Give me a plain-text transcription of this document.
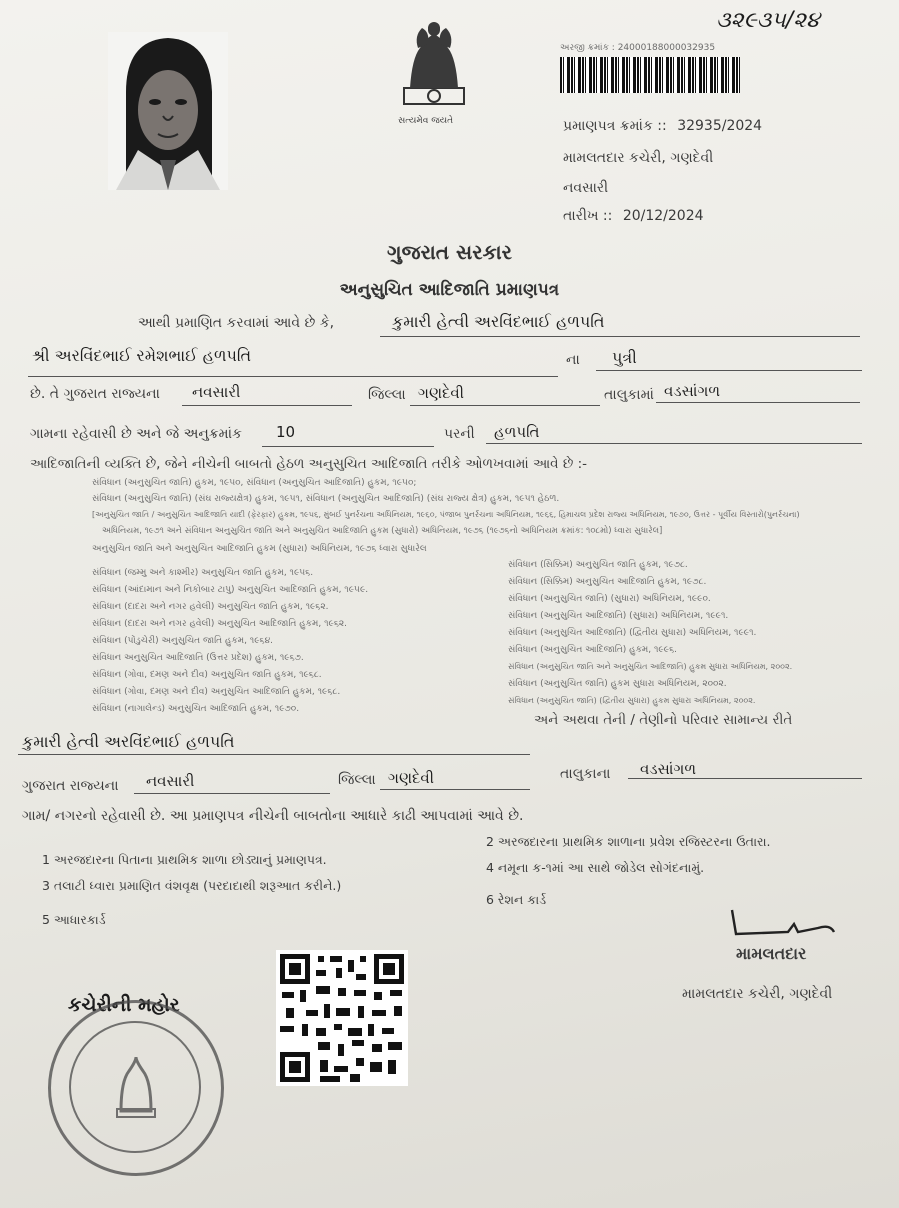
૩૨૯૩૫/૨૪
સત્યમેવ જયતે
અરજી ક્રમાંક : 24000188000032935
પ્રમાણપત્ર ક્રમાંક :: 32935/2024
મામલતદાર કચેરી, ગણદેવી
નવસારી
તારીખ :: 20/12/2024
ગુજરાત સરકાર
અનુસુચિત આદિજાતિ પ્રમાણપત્ર
આથી પ્રમાણિત કરવામાં આવે છે કે,	કુમારી હેત્વી અરવિંદભાઈ હળપતિ
શ્રી અરવિંદભાઈ રમેશભાઈ હળપતિ	ના પુત્રી
છે. તે ગુજરાત રાજ્યના નવસારી	જિલ્લા ગણદેવી	તાલુકામાં વડસાંગળ
ગામના રહેવાસી છે અને જે અનુક્રમાંક 10	પરની હળપતિ
આદિજાતિની વ્યક્તિ છે, જેને નીચેની બાબતો હેઠળ અનુસુચિત આદિજાતિ તરીકે ઓળખવામાં આવે છે :-
સંવિધાન (અનુસુચિત જાતિ) હુકમ, ૧૯૫૦, સંવિધાન (અનુસુચિત આદિજાતિ) હુકમ, ૧૯૫૦;
સંવિધાન (અનુસુચિત જાતિ) (સંઘ રાજ્યક્ષેત્ર) હુકમ, ૧૯૫૧, સંવિધાન (અનુસુચિત આદિજાતિ) (સંઘ રાજ્ય ક્ષેત્ર) હુકમ, ૧૯૫૧ હેઠળ.
[અનુસુચિત જાતિ / અનુસુચિત આદિજાતિ યાદી (ફેરફાર) હુકમ, ૧૯૫૬, મુંબઈ પુનર્રચના અધિનિયમ, ૧૯૬૦, પંજાબ પુનર્રચના અધિનિયમ, ૧૯૬૬, હિમાચલ પ્રદેશ રાજ્ય અધિનિયમ, ૧૯૭૦, ઉત્તર - પૂર્વીય વિસ્તારો(પુનર્રચના)
અધિનિયમ, ૧૯૭૧ અને સંવિધાન અનુસુચિત જાતિ અને અનુસુચિત આદિજાતિ હુકમ (સુધારો) અધિનિયમ, ૧૯૭૬ (૧૯૭૬નો અધિનિયમ ક્રમાંક: ૧૦૮મો) ધ્વારા સુધારેલ]
અનુસુચિત જાતિ અને અનુસુચિત આદિજાતિ હુકમ (સુધારા) અધિનિયમ, ૧૯૭૬ ધ્વારા સુધારેલ
સંવિધાન (જમ્મુ અને કાશ્મીર) અનુસુચિત જાતિ હુકમ, ૧૯૫૬.
સંવિધાન (આંદામાન અને નિકોબાર ટાપુ) અનુસુચિત આદિજાતિ હુકમ, ૧૯૫૯.
સંવિધાન (દાદરા અને નગર હવેલી) અનુસુચિત જાતિ હુકમ, ૧૯૬૨.
સંવિધાન (દાદરા અને નગર હવેલી) અનુસુચિત આદિજાતિ હુકમ, ૧૯૬૨.
સંવિધાન (પોંડુચેરી) અનુસુચિત જાતિ હુકમ, ૧૯૬૪.
સંવિધાન અનુસુચિત આદિજાતિ (ઉત્તર પ્રદેશ) હુકમ, ૧૯૬૭.
સંવિધાન (ગોવા, દમણ અને દીવ) અનુસુચિત જાતિ હુકમ, ૧૯૬૮.
સંવિધાન (ગોવા, દમણ અને દીવ) અનુસુચિત આદિજાતિ હુકમ, ૧૯૬૮.
સંવિધાન (નાગાલેન્ડ) અનુસુચિત આદિજાતિ હુકમ, ૧૯૭૦.
સંવિધાન (સિક્કિમ) અનુસુચિત જાતિ હુકમ, ૧૯૭૮.
સંવિધાન (સિક્કિમ) અનુસુચિત આદિજાતિ હુકમ, ૧૯૭૮.
સંવિધાન (અનુસુચિત જાતિ) (સુધારા) અધિનિયમ, ૧૯૯૦.
સંવિધાન (અનુસુચિત આદિજાતિ) (સુધારા) અધિનિયમ, ૧૯૯૧.
સંવિધાન (અનુસુચિત આદિજાતિ) (દ્વિતીય સુધારા) અધિનિયમ, ૧૯૯૧.
સંવિધાન (અનુસુચિત આદિજાતિ) હુકમ, ૧૯૯૬.
સંવિધાન (અનુસુચિત જાતિ અને અનુસુચિત આદિજાતિ) હુકમ સુધારા અધિનિયમ, ૨૦૦૨.
સંવિધાન (અનુસુચિત જાતિ) હુકમ સુધારા અધિનિયમ, ૨૦૦૨.
સંવિધાન (અનુસુચિત જાતિ) (દ્વિતીય સુધારા) હુકમ સુધારા અધિનિયમ, ૨૦૦૨.
અને અથવા તેની / તેણીનો પરિવાર સામાન્ય રીતે
કુમારી હેત્વી અરવિંદભાઈ હળપતિ
ગુજરાત રાજ્યના નવસારી	જિલ્લા ગણદેવી	તાલુકાના વડસાંગળ
ગામ/ નગરનો રહેવાસી છે. આ પ્રમાણપત્ર નીચેની બાબતોના આધારે કાઢી આપવામાં આવે છે.
1 અરજદારના પિતાના પ્રાથમિક શાળા છોડ્યાનું પ્રમાણપત્ર.
2 અરજદારના પ્રાથમિક શાળાના પ્રવેશ રજિસ્ટરના ઉતારા.
3 તલાટી ધ્વારા પ્રમાણિત વંશવૃક્ષ (પરદાદાથી શરૂઆત કરીને.)
4 નમૂના ક-૧માં આ સાથે જોડેલ સોગંદનામું.
5 આધારકાર્ડ
6 રેશન કાર્ડ
મામલતદાર
મામલતદાર કચેરી, ગણદેવી
કચેરીની મહોર
